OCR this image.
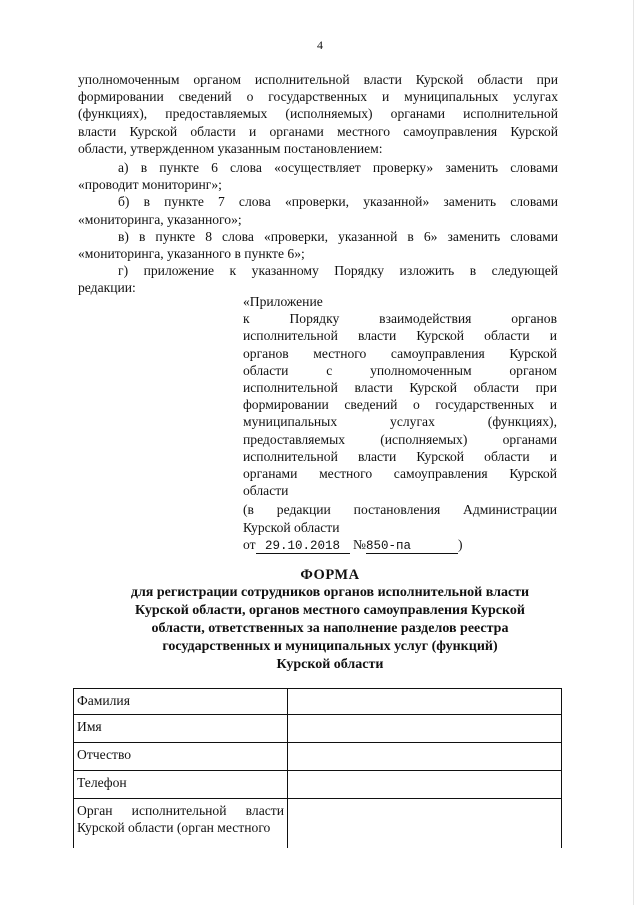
4

уполномоченным органом исполнительной власти Курской области при

формировании сведений о государственных и муниципальных услугах

(функциях), предоставляемых (исполняемых) органами исполнительной

власти Курской области и органами местного самоуправления Курской

области, утвержденном указанным постановлением:

а) в пункте 6 слова «осуществляет проверку» заменить словами

«проводит мониторинг»;

б) в пункте 7 слова «проверки, указанной» заменить словами

«мониторинга, указанного»;

в) в пункте 8 слова «проверки, указанной в 6» заменить словами

«мониторинга, указанного в пункте 6»;

г) приложение к указанному Порядку изложить в следующей

редакции:

«Приложение

к Порядку взаимодействия органов

исполнительной власти Курской области и

органов местного самоуправления Курской

области с уполномоченным органом

исполнительной власти Курской области при

формировании сведений о государственных и

муниципальных услугах (функциях),

предоставляемых (исполняемых) органами

исполнительной власти Курской области и

органами местного самоуправления Курской

области

(в редакции постановления Администрации

Курской области

от 29.10.2018 №850-па	)

ФОРМА
для регистрации сотрудников органов исполнительной власти
Курской области, органов местного самоуправления Курской
области, ответственных за наполнение разделов реестра
государственных и муниципальных услуг (функций)
Курской области
Фамилия	
Имя	
Отчество	
Телефон	

Орган исполнительной власти
Курской области (орган местного	
